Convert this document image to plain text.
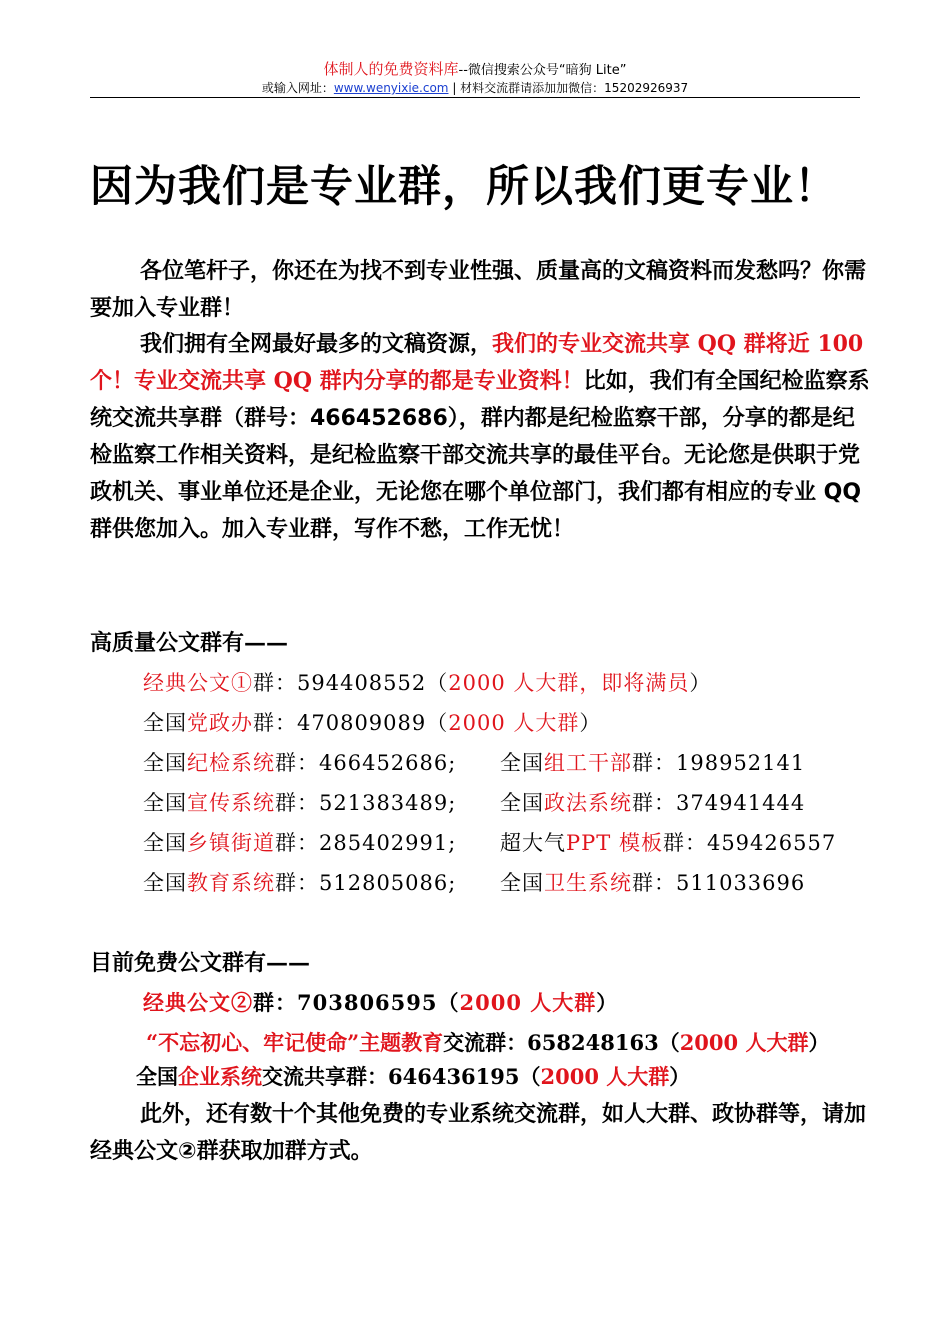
体制人的免费资料库--微信搜索公众号“暗狗 Lite”
或输入网址：www.wenyixie.com | 材料交流群请添加加微信：15202926937
因为我们是专业群，所以我们更专业！
各位笔杆子，你还在为找不到专业性强、质量高的文稿资料而发愁吗？你需要加入专业群！
我们拥有全网最好最多的文稿资源，我们的专业交流共享 QQ 群将近 100 个！专业交流共享 QQ 群内分享的都是专业资料！比如，我们有全国纪检监察系统交流共享群（群号：466452686），群内都是纪检监察干部，分享的都是纪检监察工作相关资料，是纪检监察干部交流共享的最佳平台。无论您是供职于党政机关、事业单位还是企业，无论您在哪个单位部门，我们都有相应的专业 QQ 群供您加入。加入专业群，写作不愁，工作无忧！
高质量公文群有——
经典公文①群：594408552（2000 人大群，即将满员）
全国党政办群：470809089（2000 人大群）
全国纪检系统群：466452686; 全国组工干部群：198952141
全国宣传系统群：521383489; 全国政法系统群：374941444
全国乡镇街道群：285402991; 超大气PPT 模板群：459426557
全国教育系统群：512805086; 全国卫生系统群：511033696
目前免费公文群有——
经典公文②群：703806595（2000 人大群）
“不忘初心、牢记使命”主题教育交流群：658248163（2000 人大群）
全国企业系统交流共享群：646436195（2000 人大群）
此外，还有数十个其他免费的专业系统交流群，如人大群、政协群等，请加经典公文②群获取加群方式。
